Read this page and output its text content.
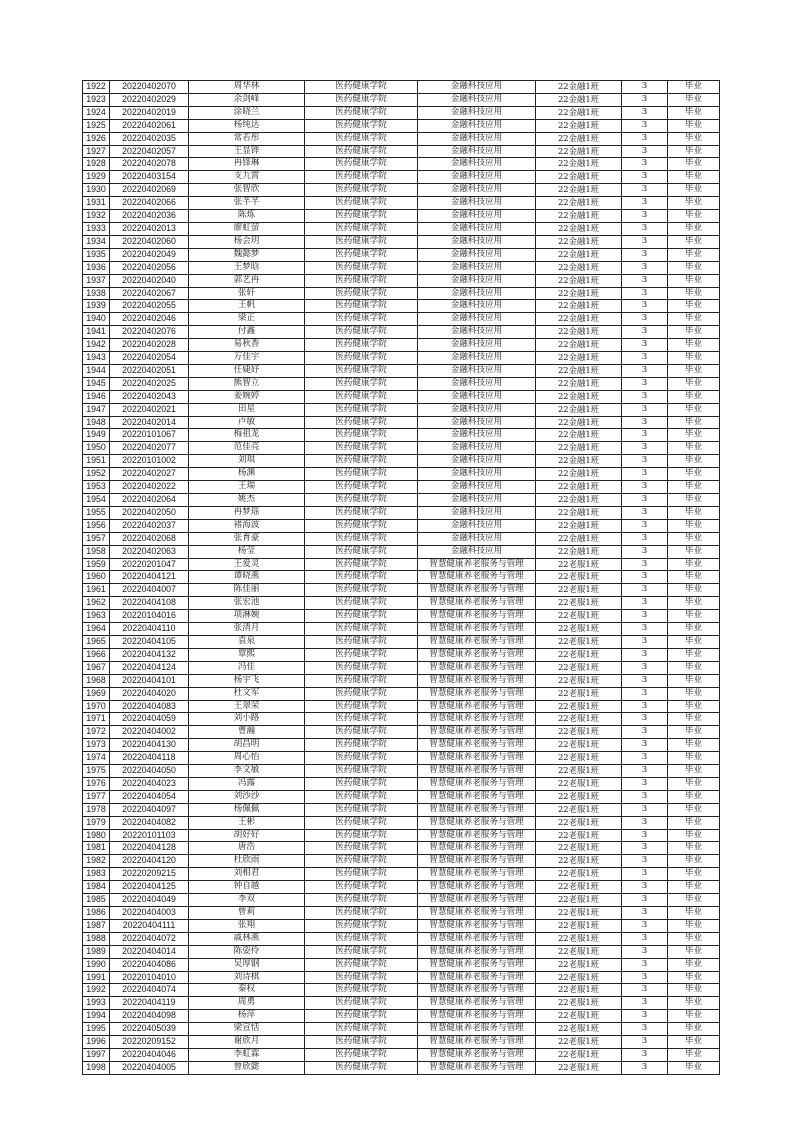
1922	20220402070	周华林	医药健康学院	金融科技应用	22金融1班	3	毕业
1923	20220402029	余剑峰	医药健康学院	金融科技应用	22金融1班	3	毕业
1924	20220402019	涂晓兰	医药健康学院	金融科技应用	22金融1班	3	毕业
1925	20220402061	杨纯达	医药健康学院	金融科技应用	22金融1班	3	毕业
1926	20220402035	常若彤	医药健康学院	金融科技应用	22金融1班	3	毕业
1927	20220402057	王显铧	医药健康学院	金融科技应用	22金融1班	3	毕业
1928	20220402078	冉锋琳	医药健康学院	金融科技应用	22金融1班	3	毕业
1929	20220403154	支九霄	医药健康学院	金融科技应用	22金融1班	3	毕业
1930	20220402069	张智欣	医药健康学院	金融科技应用	22金融1班	3	毕业
1931	20220402066	张芊芊	医药健康学院	金融科技应用	22金融1班	3	毕业
1932	20220402036	陈炼	医药健康学院	金融科技应用	22金融1班	3	毕业
1933	20220402013	廖虹萤	医药健康学院	金融科技应用	22金融1班	3	毕业
1934	20220402060	杨会玥	医药健康学院	金融科技应用	22金融1班	3	毕业
1935	20220402049	魏懿梦	医药健康学院	金融科技应用	22金融1班	3	毕业
1936	20220402056	王梦晗	医药健康学院	金融科技应用	22金融1班	3	毕业
1937	20220402040	郭艺冉	医药健康学院	金融科技应用	22金融1班	3	毕业
1938	20220402067	张轩	医药健康学院	金融科技应用	22金融1班	3	毕业
1939	20220402055	王帆	医药健康学院	金融科技应用	22金融1班	3	毕业
1940	20220402046	梁正	医药健康学院	金融科技应用	22金融1班	3	毕业
1941	20220402076	付鑫	医药健康学院	金融科技应用	22金融1班	3	毕业
1942	20220402028	易秋香	医药健康学院	金融科技应用	22金融1班	3	毕业
1943	20220402054	万佳宇	医药健康学院	金融科技应用	22金融1班	3	毕业
1944	20220402051	任婕妤	医药健康学院	金融科技应用	22金融1班	3	毕业
1945	20220402025	熊智立	医药健康学院	金融科技应用	22金融1班	3	毕业
1946	20220402043	姜婉婷	医药健康学院	金融科技应用	22金融1班	3	毕业
1947	20220402021	田星	医药健康学院	金融科技应用	22金融1班	3	毕业
1948	20220402014	卢敏	医药健康学院	金融科技应用	22金融1班	3	毕业
1949	20220101067	梅祖龙	医药健康学院	金融科技应用	22金融1班	3	毕业
1950	20220402077	范佳亮	医药健康学院	金融科技应用	22金融1班	3	毕业
1951	20220101002	刘琪	医药健康学院	金融科技应用	22金融1班	3	毕业
1952	20220402027	杨渊	医药健康学院	金融科技应用	22金融1班	3	毕业
1953	20220402022	王瑞	医药健康学院	金融科技应用	22金融1班	3	毕业
1954	20220402064	姚杰	医药健康学院	金融科技应用	22金融1班	3	毕业
1955	20220402050	冉梦瑶	医药健康学院	金融科技应用	22金融1班	3	毕业
1956	20220402037	褚海波	医药健康学院	金融科技应用	22金融1班	3	毕业
1957	20220402068	张育豪	医药健康学院	金融科技应用	22金融1班	3	毕业
1958	20220402063	杨莹	医药健康学院	金融科技应用	22金融1班	3	毕业
1959	20220201047	王爱灵	医药健康学院	智慧健康养老服务与管理	22老服1班	3	毕业
1960	20220404121	谭晓燕	医药健康学院	智慧健康养老服务与管理	22老服1班	3	毕业
1961	20220404007	陈佳丽	医药健康学院	智慧健康养老服务与管理	22老服1班	3	毕业
1962	20220404108	张宏池	医药健康学院	智慧健康养老服务与管理	22老服1班	3	毕业
1963	20220104016	项淋婉	医药健康学院	智慧健康养老服务与管理	22老服1班	3	毕业
1964	20220404110	张清月	医药健康学院	智慧健康养老服务与管理	22老服1班	3	毕业
1965	20220404105	袁泉	医药健康学院	智慧健康养老服务与管理	22老服1班	3	毕业
1966	20220404132	覃熙	医药健康学院	智慧健康养老服务与管理	22老服1班	3	毕业
1967	20220404124	冯佳	医药健康学院	智慧健康养老服务与管理	22老服1班	3	毕业
1968	20220404101	杨宇飞	医药健康学院	智慧健康养老服务与管理	22老服1班	3	毕业
1969	20220404020	杜文军	医药健康学院	智慧健康养老服务与管理	22老服1班	3	毕业
1970	20220404083	王翠荣	医药健康学院	智慧健康养老服务与管理	22老服1班	3	毕业
1971	20220404059	刘小路	医药健康学院	智慧健康养老服务与管理	22老服1班	3	毕业
1972	20220404002	曹瀚	医药健康学院	智慧健康养老服务与管理	22老服1班	3	毕业
1973	20220404130	胡昌明	医药健康学院	智慧健康养老服务与管理	22老服1班	3	毕业
1974	20220404118	周心怡	医药健康学院	智慧健康养老服务与管理	22老服1班	3	毕业
1975	20220404050	李文敏	医药健康学院	智慧健康养老服务与管理	22老服1班	3	毕业
1976	20220404023	冯露	医药健康学院	智慧健康养老服务与管理	22老服1班	3	毕业
1977	20220404054	刘沙沙	医药健康学院	智慧健康养老服务与管理	22老服1班	3	毕业
1978	20220404097	杨佩佩	医药健康学院	智慧健康养老服务与管理	22老服1班	3	毕业
1979	20220404082	王彬	医药健康学院	智慧健康养老服务与管理	22老服1班	3	毕业
1980	20220101103	胡好好	医药健康学院	智慧健康养老服务与管理	22老服1班	3	毕业
1981	20220404128	唐浩	医药健康学院	智慧健康养老服务与管理	22老服1班	3	毕业
1982	20220404120	杜欣雨	医药健康学院	智慧健康养老服务与管理	22老服1班	3	毕业
1983	20220209215	刘相君	医药健康学院	智慧健康养老服务与管理	22老服1班	3	毕业
1984	20220404125	钟自越	医药健康学院	智慧健康养老服务与管理	22老服1班	3	毕业
1985	20220404049	李双	医药健康学院	智慧健康养老服务与管理	22老服1班	3	毕业
1986	20220404003	曾莉	医药健康学院	智慧健康养老服务与管理	22老服1班	3	毕业
1987	20220404111	张翔	医药健康学院	智慧健康养老服务与管理	22老服1班	3	毕业
1988	20220404072	戚林燕	医药健康学院	智慧健康养老服务与管理	22老服1班	3	毕业
1989	20220404014	陈姿伶	医药健康学院	智慧健康养老服务与管理	22老服1班	3	毕业
1990	20220404086	吴厚钢	医药健康学院	智慧健康养老服务与管理	22老服1班	3	毕业
1991	20220104010	刘诗棋	医药健康学院	智慧健康养老服务与管理	22老服1班	3	毕业
1992	20220404074	秦权	医药健康学院	智慧健康养老服务与管理	22老服1班	3	毕业
1993	20220404119	周勇	医药健康学院	智慧健康养老服务与管理	22老服1班	3	毕业
1994	20220404098	杨萍	医药健康学院	智慧健康养老服务与管理	22老服1班	3	毕业
1995	20220405039	梁宣恬	医药健康学院	智慧健康养老服务与管理	22老服1班	3	毕业
1996	20220209152	谢欣月	医药健康学院	智慧健康养老服务与管理	22老服1班	3	毕业
1997	20220404046	李虹霖	医药健康学院	智慧健康养老服务与管理	22老服1班	3	毕业
1998	20220404005	曾欣懿	医药健康学院	智慧健康养老服务与管理	22老服1班	3	毕业
